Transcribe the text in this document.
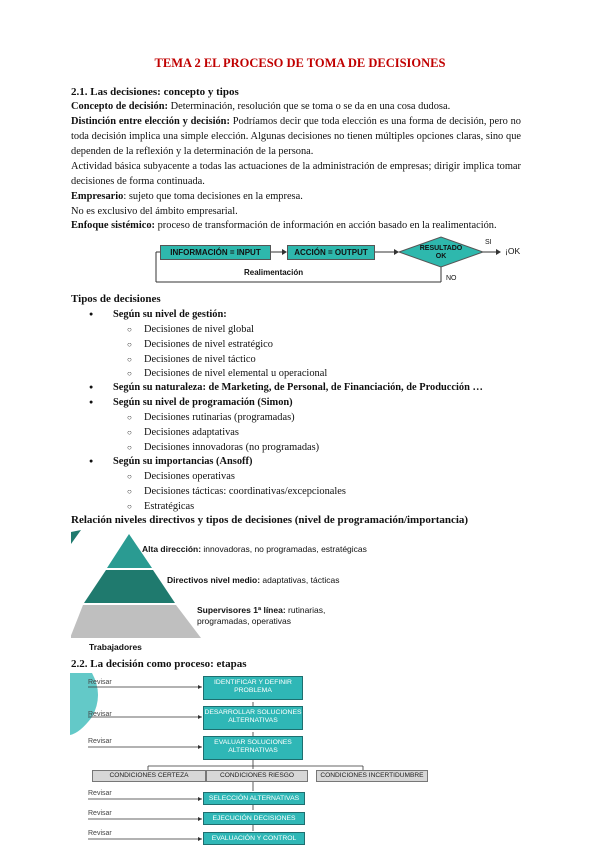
TEMA 2 EL PROCESO DE TOMA DE DECISIONES
2.1. Las decisiones: concepto y tipos
Concepto de decisión: Determinación, resolución que se toma o se da en una cosa dudosa.
Distinción entre elección y decisión: Podríamos decir que toda elección es una forma de decisión, pero no toda decisión implica una simple elección. Algunas decisiones no tienen múltiples opciones claras, sino que dependen de la reflexión y la determinación de la persona.
Actividad básica subyacente a todas las actuaciones de la administración de empresas; dirigir implica tomar decisiones de forma continuada.
Empresario: sujeto que toma decisiones en la empresa.
No es exclusivo del ámbito empresarial.
Enfoque sistémico: proceso de transformación de información en acción basado en la realimentación.
INFORMACIÓN = INPUT	ACCIÓN = OUTPUT	RESULTADO OK
SI
¡OK
NO
Realimentación
Tipos de decisiones
● Según su nivel de gestión:
○ Decisiones de nivel global
○ Decisiones de nivel estratégico
○ Decisiones de nivel táctico
○ Decisiones de nivel elemental u operacional
● Según su naturaleza: de Marketing, de Personal, de Financiación, de Producción …
● Según su nivel de programación (Simon)
○ Decisiones rutinarias (programadas)
○ Decisiones adaptativas
○ Decisiones innovadoras (no programadas)
● Según su importancias (Ansoff)
○ Decisiones operativas
○ Decisiones tácticas: coordinativas/excepcionales
○ Estratégicas
Relación niveles directivos y tipos de decisiones (nivel de programación/importancia)
Alta dirección: innovadoras, no programadas, estratégicas
Directivos nivel medio: adaptativas, tácticas
Supervisores 1ª línea: rutinarias,
programadas, operativas
Trabajadores
2.2. La decisión como proceso: etapas
Revisar
Revisar
Revisar
Revisar
Revisar
Revisar
IDENTIFICAR Y DEFINIR PROBLEMA
DESARROLLAR SOLUCIONES ALTERNATIVAS
EVALUAR SOLUCIONES ALTERNATIVAS
CONDICIONES CERTEZA	CONDICIONES RIESGO	CONDICIONES INCERTIDUMBRE
SELECCIÓN ALTERNATIVAS
EJECUCIÓN DECISIONES
EVALUACIÓN Y CONTROL
